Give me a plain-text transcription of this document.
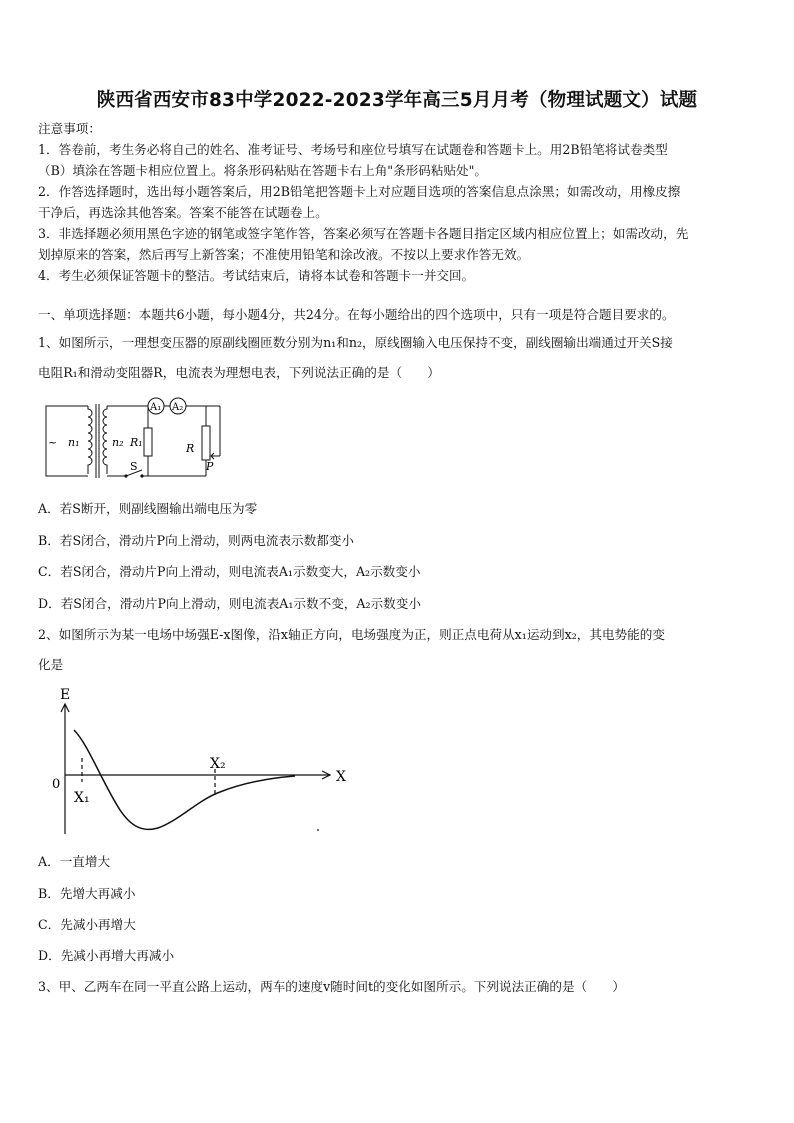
陕西省西安市83中学2022-2023学年高三5月月考（物理试题文）试题
注意事项：
1．答卷前，考生务必将自己的姓名、准考证号、考场号和座位号填写在试题卷和答题卡上。用2B铅笔将试卷类型
（B）填涂在答题卡相应位置上。将条形码粘贴在答题卡右上角"条形码粘贴处"。
2．作答选择题时，选出每小题答案后，用2B铅笔把答题卡上对应题目选项的答案信息点涂黑；如需改动，用橡皮擦
干净后，再选涂其他答案。答案不能答在试题卷上。
3．非选择题必须用黑色字迹的钢笔或签字笔作答，答案必须写在答题卡各题目指定区域内相应位置上；如需改动，先
划掉原来的答案，然后再写上新答案；不准使用铅笔和涂改液。不按以上要求作答无效。
4．考生必须保证答题卡的整洁。考试结束后，请将本试卷和答题卡一并交回。
一、单项选择题：本题共6小题，每小题4分，共24分。在每小题给出的四个选项中，只有一项是符合题目要求的。
1、如图所示，一理想变压器的原副线圈匝数分别为n₁和n₂，原线圈输入电压保持不变，副线圈输出端通过开关S接
电阻R₁和滑动变阻器R，电流表为理想电表，下列说法正确的是（　　）
~ n₁	n₂
A₁ A₂
R₁	R
P
S
A．若S断开，则副线圈输出端电压为零
B．若S闭合，滑动片P向上滑动，则两电流表示数都变小
C．若S闭合，滑动片P向上滑动，则电流表A₁示数变大，A₂示数变小
D．若S闭合，滑动片P向上滑动，则电流表A₁示数不变，A₂示数变小
2、如图所示为某一电场中场强E-x图像，沿x轴正方向，电场强度为正，则正点电荷从x₁运动到x₂，其电势能的变
化是
E
X
0
X₁
X₂
A．一直增大
B．先增大再减小
C．先减小再增大
D．先减小再增大再减小
3、甲、乙两车在同一平直公路上运动，两车的速度v随时间t的变化如图所示。下列说法正确的是（　　）
